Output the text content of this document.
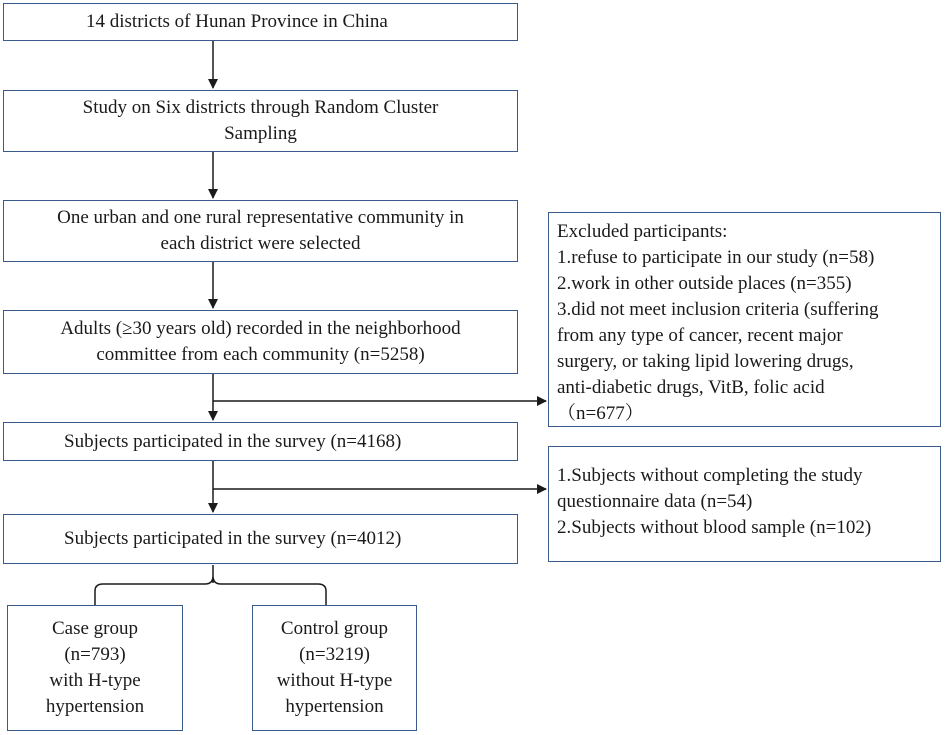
14 districts of Hunan Province in China
Study on Six districts through Random Cluster
Sampling
One urban and one rural representative community in
each district were selected
Adults (≥30 years old) recorded in the neighborhood
committee from each community (n=5258)
Subjects participated in the survey (n=4168)
Subjects participated in the survey (n=4012)
Case group
(n=793)
with H-type
hypertension
Control group
(n=3219)
without H-type
hypertension
Excluded participants:
1.refuse to participate in our study (n=58)
2.work in other outside places (n=355)
3.did not meet inclusion criteria (suffering
from any type of cancer, recent major
surgery, or taking lipid lowering drugs,
anti-diabetic drugs, VitB, folic acid
（n=677）
1.Subjects without completing the study
questionnaire data (n=54)
2.Subjects without blood sample (n=102)
